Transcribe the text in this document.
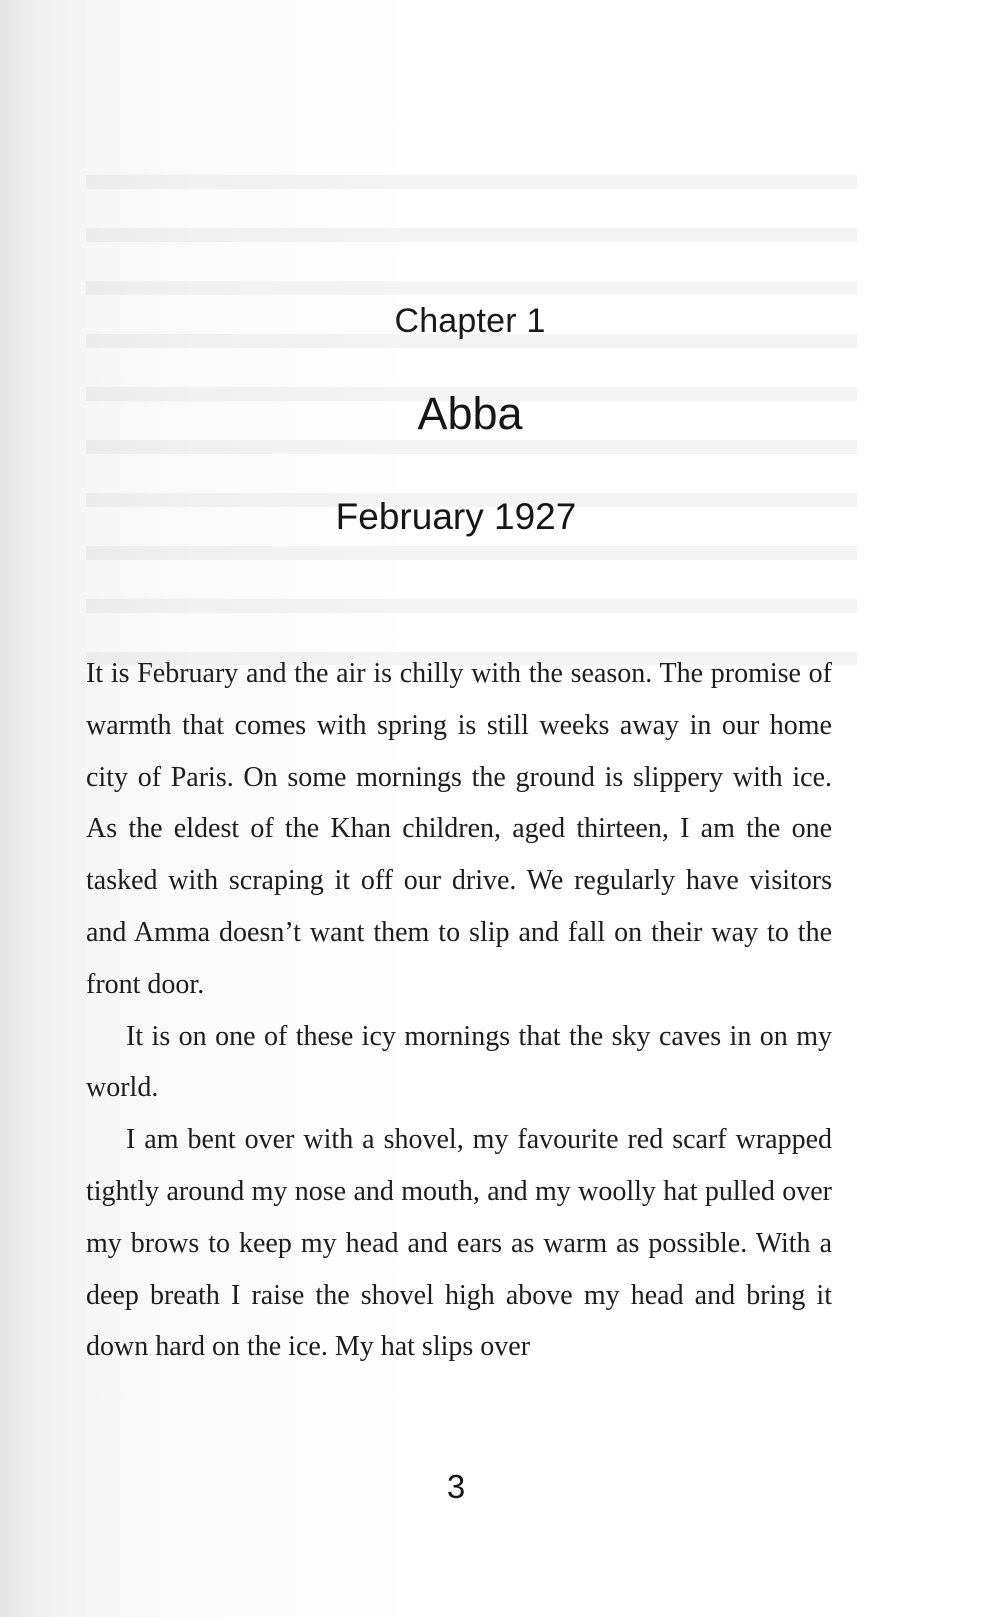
Chapter 1
Abba
February 1927

It is February and the air is chilly with the season. The promise of warmth that comes with spring is still weeks away in our home city of Paris. On some mornings the ground is slippery with ice. As the eldest of the Khan children, aged thirteen, I am the one tasked with scraping it off our drive. We regularly have visitors and Amma doesn’t want them to slip and fall on their way to the front door.

It is on one of these icy mornings that the sky caves in on my world.

I am bent over with a shovel, my favourite red scarf wrapped tightly around my nose and mouth, and my woolly hat pulled over my brows to keep my head and ears as warm as possible. With a deep breath I raise the shovel high above my head and bring it down hard on the ice. My hat slips over

3
